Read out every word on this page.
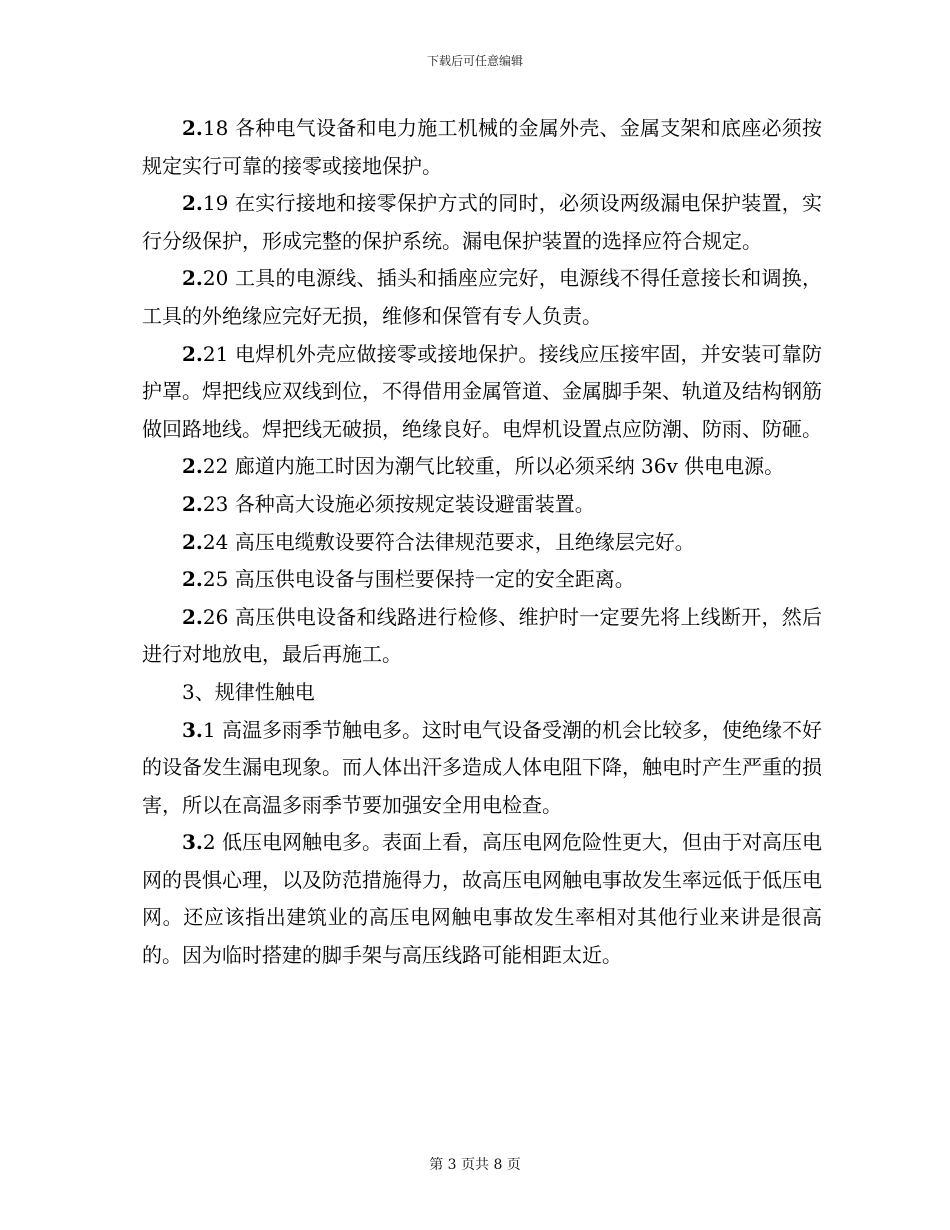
下载后可任意编辑

2.18 各种电气设备和电力施工机械的金属外壳、金属支架和底座必须按规定实行可靠的接零或接地保护。

2.19 在实行接地和接零保护方式的同时，必须设两级漏电保护装置，实行分级保护，形成完整的保护系统。漏电保护装置的选择应符合规定。

2.20 工具的电源线、插头和插座应完好，电源线不得任意接长和调换，工具的外绝缘应完好无损，维修和保管有专人负责。

2.21 电焊机外壳应做接零或接地保护。接线应压接牢固，并安装可靠防护罩。焊把线应双线到位，不得借用金属管道、金属脚手架、轨道及结构钢筋做回路地线。焊把线无破损，绝缘良好。电焊机设置点应防潮、防雨、防砸。

2.22 廊道内施工时因为潮气比较重，所以必须采纳 36v 供电电源。

2.23 各种高大设施必须按规定装设避雷装置。

2.24 高压电缆敷设要符合法律规范要求，且绝缘层完好。

2.25 高压供电设备与围栏要保持一定的安全距离。

2.26 高压供电设备和线路进行检修、维护时一定要先将上线断开，然后进行对地放电，最后再施工。

3、规律性触电

3.1 高温多雨季节触电多。这时电气设备受潮的机会比较多，使绝缘不好的设备发生漏电现象。而人体出汗多造成人体电阻下降，触电时产生严重的损害，所以在高温多雨季节要加强安全用电检查。

3.2 低压电网触电多。表面上看，高压电网危险性更大，但由于对高压电网的畏惧心理，以及防范措施得力，故高压电网触电事故发生率远低于低压电网。还应该指出建筑业的高压电网触电事故发生率相对其他行业来讲是很高的。因为临时搭建的脚手架与高压线路可能相距太近。

第 3 页共 8 页
